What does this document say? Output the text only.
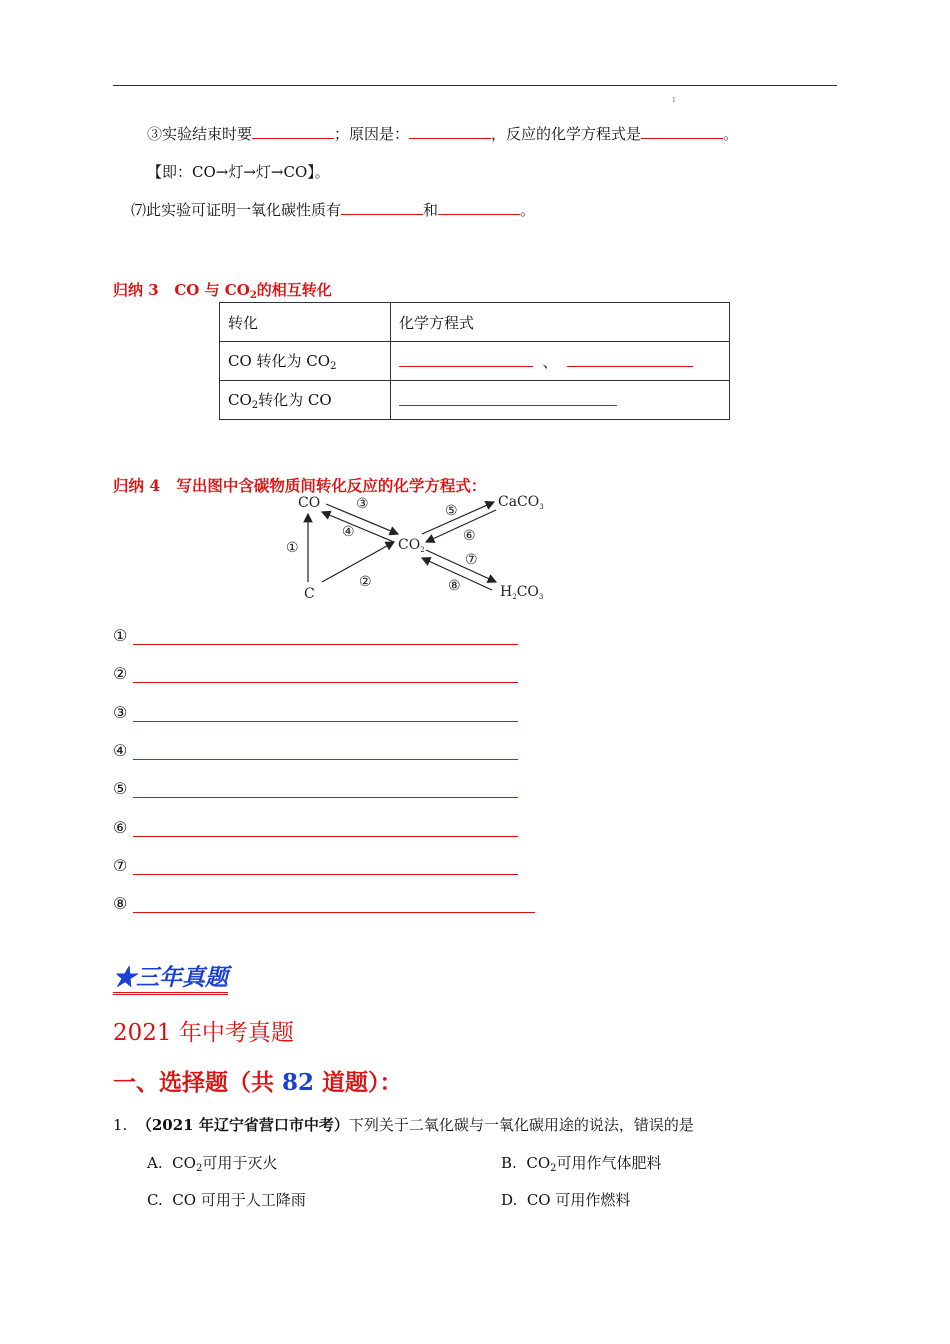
1
③实验结束时要	；原因是：	，反应的化学方程式是	。
【即：CO→灯→灯→CO】。
⑺此实验可证明一氧化碳性质有	和	。
归纳 3 CO 与 $CO_2$的相互转化
转化	化学方程式
CO 转化为 $CO_2$	、
$CO_2$转化为 CO	
归纳 4 写出图中含碳物质间转化反应的化学方程式：
CO
C
$CO_2$
CaCO$_3$
$H_2CO_3$
①
②
③
④
⑤
⑥
⑦
⑧
①
②
③
④
⑤
⑥
⑦
⑧
★三年真题
2021 年中考真题
一、选择题（共 82 道题）：
1. （2021 年辽宁省营口市中考）下列关于二氧化碳与一氧化碳用途的说法，错误的是
A. $CO_2$可用于灭火	B. $CO_2$可用作气体肥料
C. CO 可用于人工降雨	D. CO 可用作燃料
